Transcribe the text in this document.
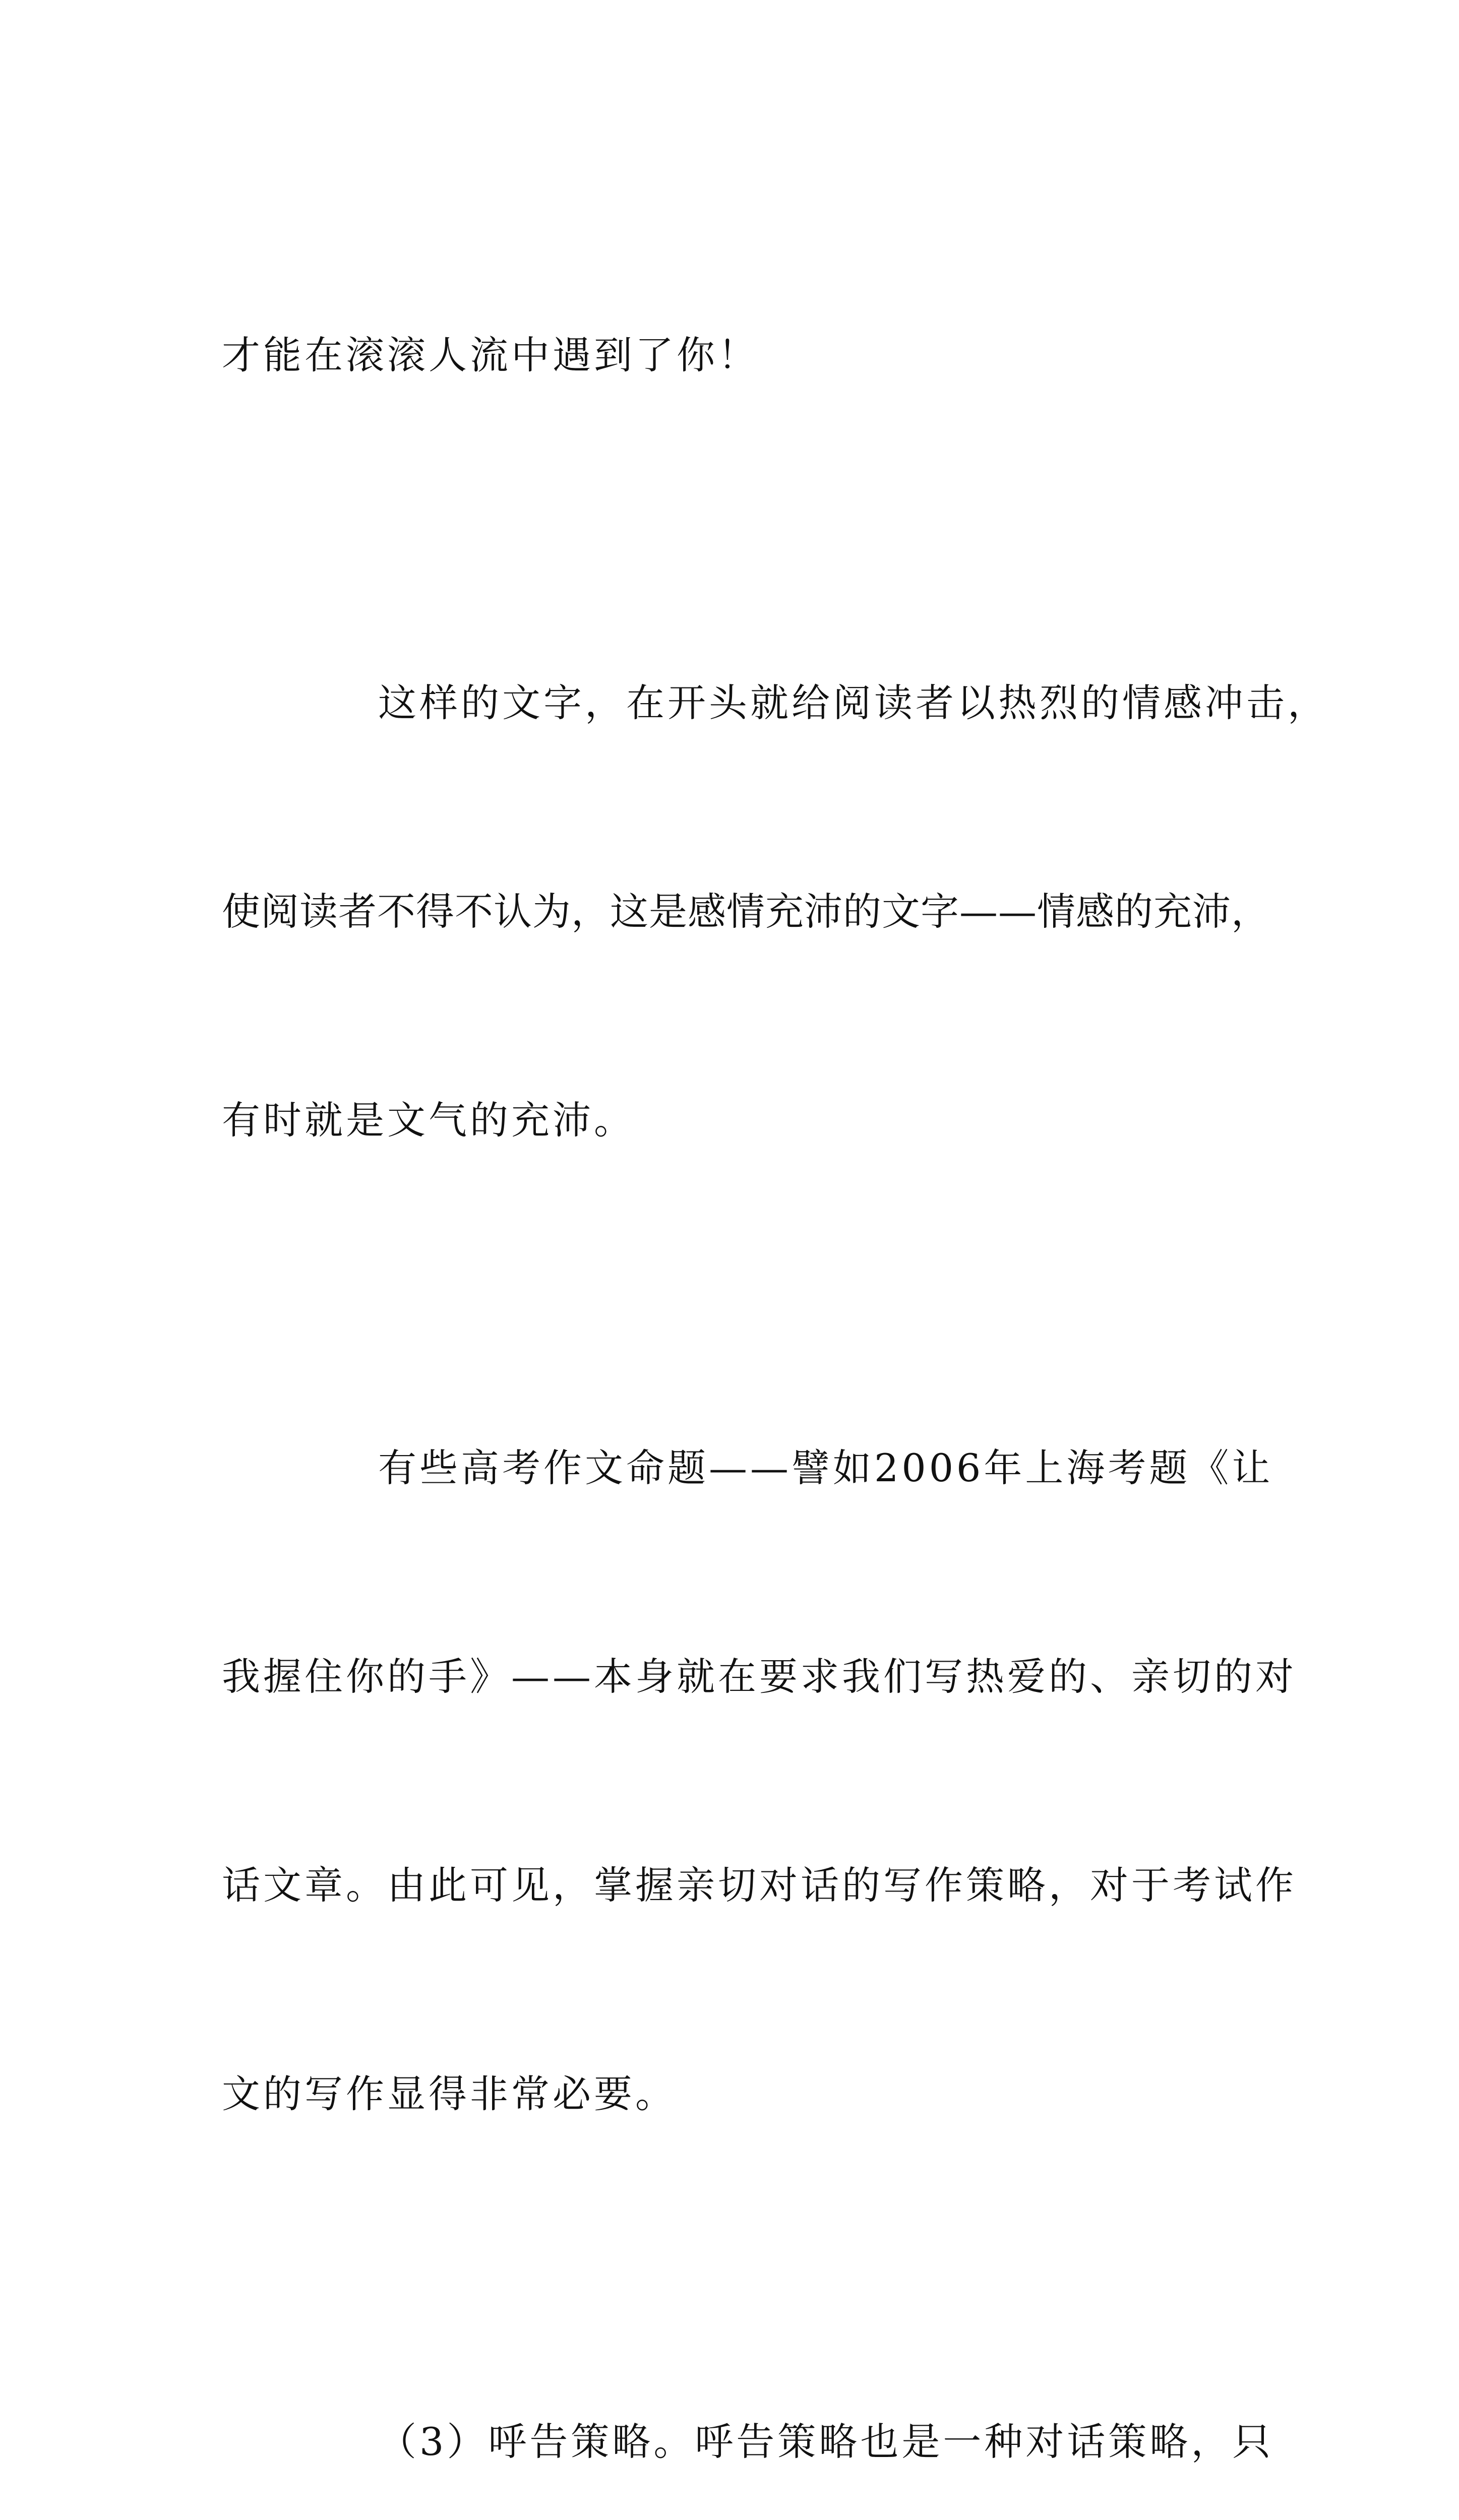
才能在滚滚人流中遇到了你！

这样的文字，在开头就给阅读者以热烈的情感冲击，

使阅读者不得不认为，这是感情充沛的文字——情感的充沛，

有时就是文气的充沛。

有些高考作文命题——譬如2006年上海考题《让

我握住你的手》——本身就在要求我们写热爱的、亲切的对

话文章。由此可见，掌握亲切对话的写作策略，对于考试作

文的写作显得非常必要。

（3）呼告策略。呼告策略也是一种对话策略，只
